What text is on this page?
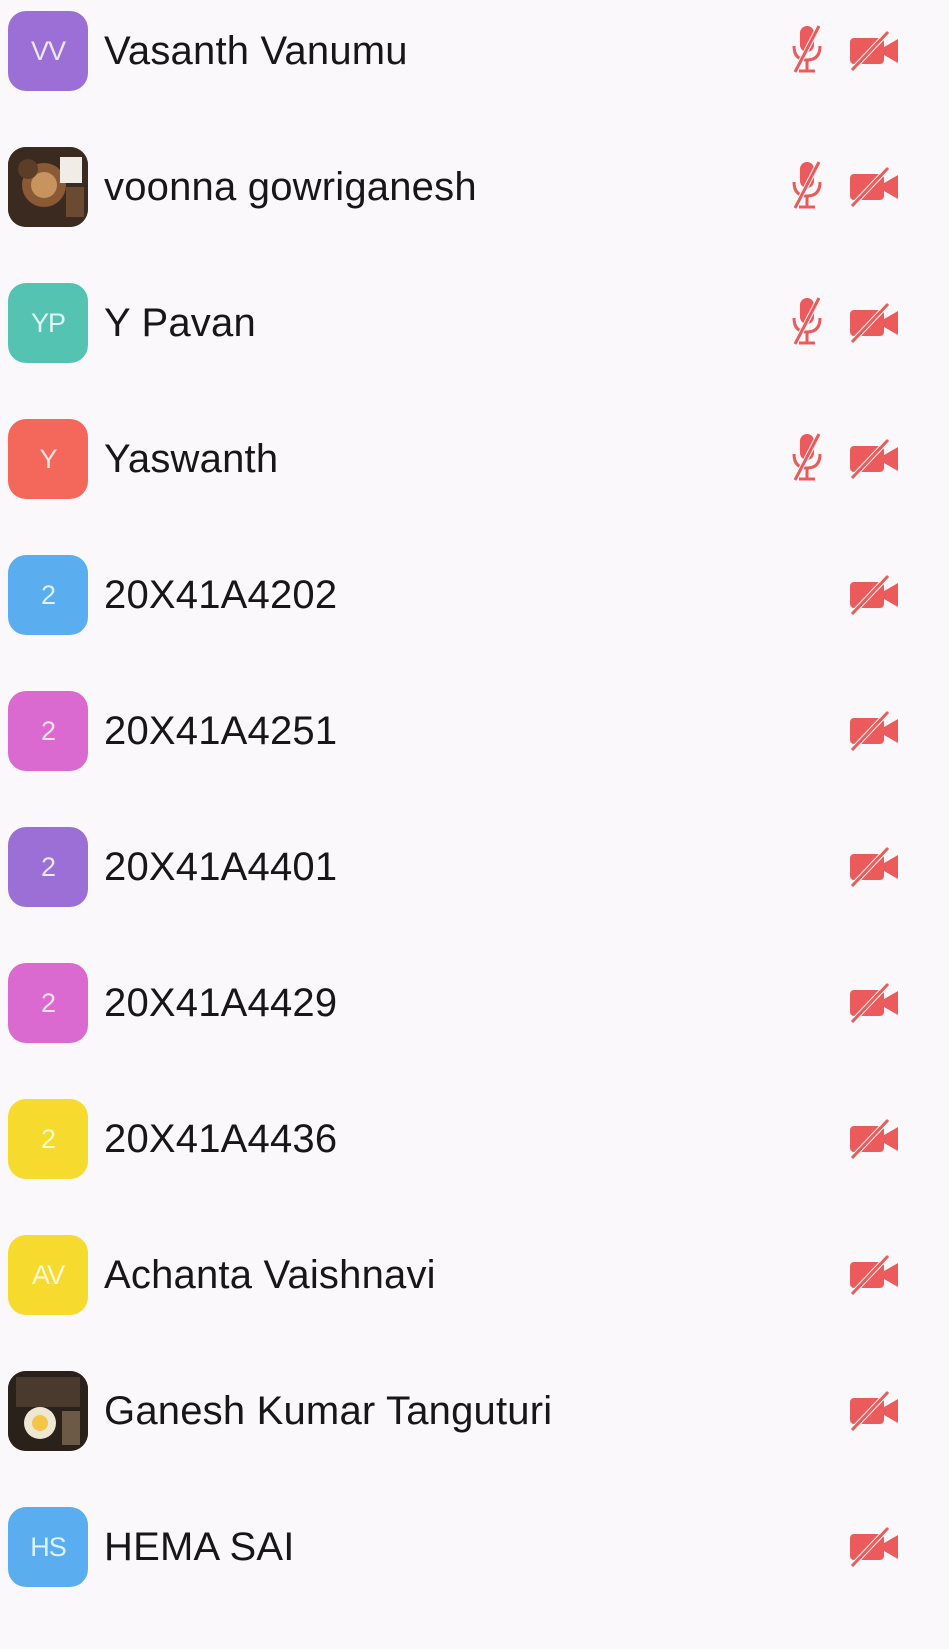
VV Vasanth Vanumu
voonna gowriganesh
YP Y Pavan
Y Yaswanth
2 20X41A4202
2 20X41A4251
2 20X41A4401
2 20X41A4429
2 20X41A4436
AV Achanta Vaishnavi
Ganesh Kumar Tanguturi
HS HEMA SAI
